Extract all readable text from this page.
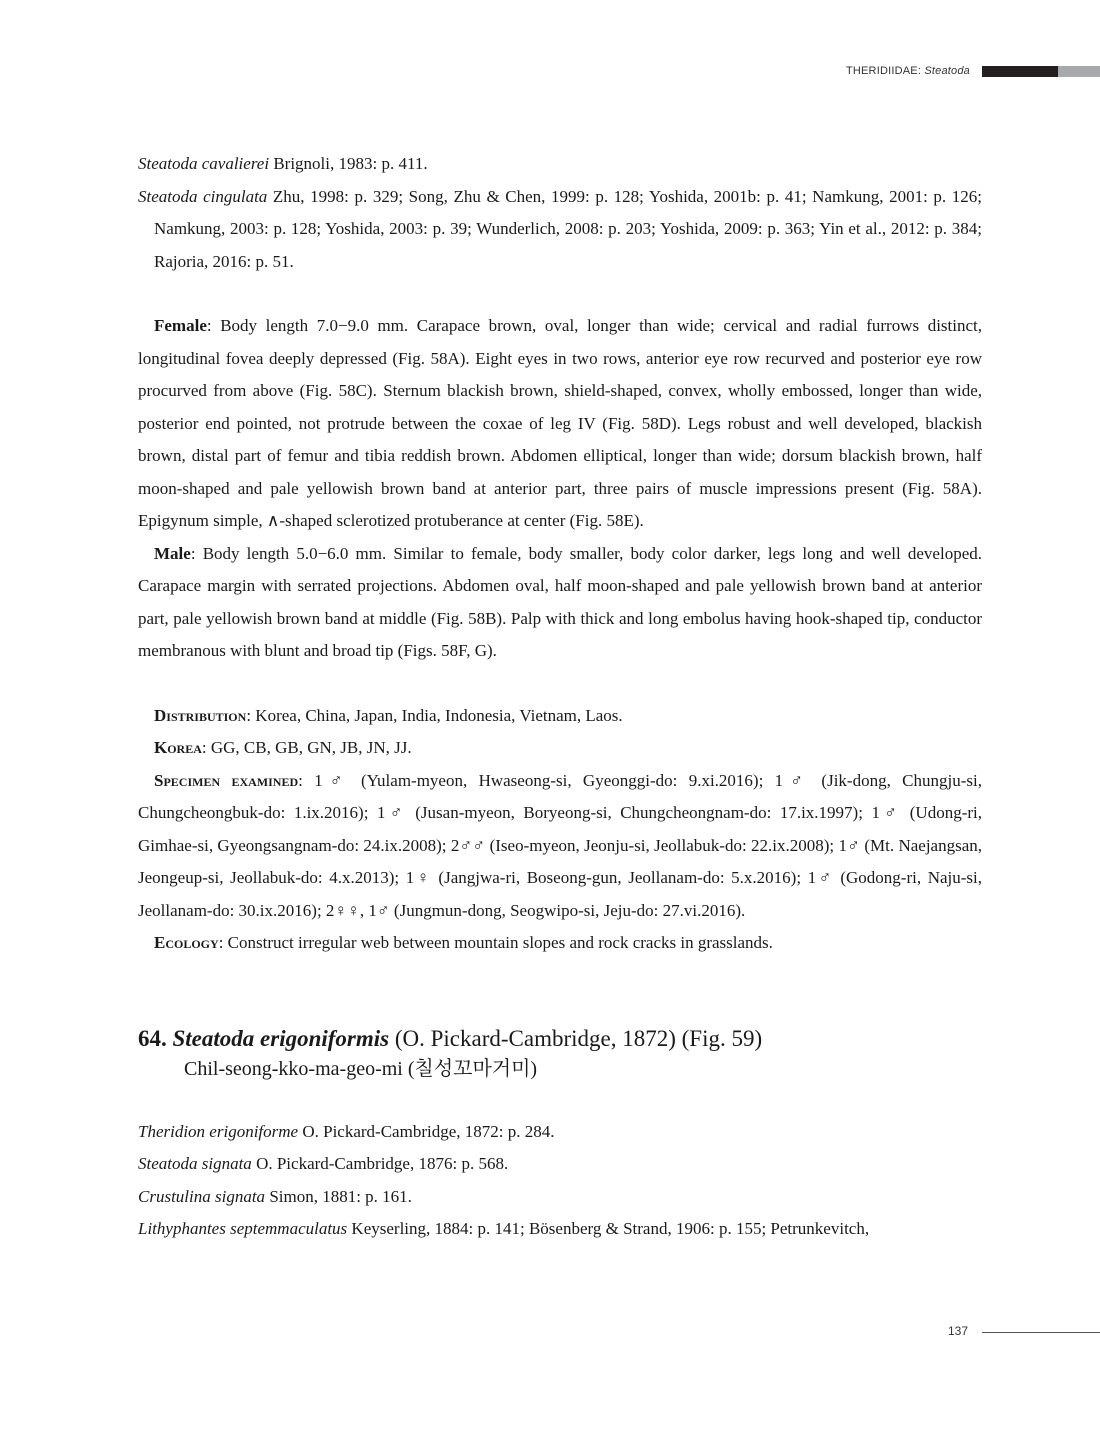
THERIDIIDAE: Steatoda

Steatoda cavalierei Brignoli, 1983: p. 411.

Steatoda cingulata Zhu, 1998: p. 329; Song, Zhu & Chen, 1999: p. 128; Yoshida, 2001b: p. 41; Namkung, 2001: p. 126; Namkung, 2003: p. 128; Yoshida, 2003: p. 39; Wunderlich, 2008: p. 203; Yoshida, 2009: p. 363; Yin et al., 2012: p. 384; Rajoria, 2016: p. 51.

Female: Body length 7.0−9.0 mm. Carapace brown, oval, longer than wide; cervical and radial furrows distinct, longitudinal fovea deeply depressed (Fig. 58A). Eight eyes in two rows, anterior eye row recurved and posterior eye row procurved from above (Fig. 58C). Sternum blackish brown, shield-shaped, convex, wholly embossed, longer than wide, posterior end pointed, not protrude between the coxae of leg IV (Fig. 58D). Legs robust and well developed, blackish brown, distal part of femur and tibia reddish brown. Abdomen elliptical, longer than wide; dorsum blackish brown, half moon-shaped and pale yellowish brown band at anterior part, three pairs of muscle impressions present (Fig. 58A). Epigynum simple, ∧-shaped sclerotized protuberance at center (Fig. 58E).

Male: Body length 5.0−6.0 mm. Similar to female, body smaller, body color darker, legs long and well developed. Carapace margin with serrated projections. Abdomen oval, half moon-shaped and pale yellowish brown band at anterior part, pale yellowish brown band at middle (Fig. 58B). Palp with thick and long embolus having hook-shaped tip, conductor membranous with blunt and broad tip (Figs. 58F, G).

Distribution: Korea, China, Japan, India, Indonesia, Vietnam, Laos.

Korea: GG, CB, GB, GN, JB, JN, JJ.

Specimen examined: 1♂ (Yulam-myeon, Hwaseong-si, Gyeonggi-do: 9.xi.2016); 1♂ (Jik-dong, Chungju-si, Chungcheongbuk-do: 1.ix.2016); 1♂ (Jusan-myeon, Boryeong-si, Chungcheongnam-do: 17.ix.1997); 1♂ (Udong-ri, Gimhae-si, Gyeongsangnam-do: 24.ix.2008); 2♂♂ (Iseo-myeon, Jeonju-si, Jeollabuk-do: 22.ix.2008); 1♂ (Mt. Naejangsan, Jeongeup-si, Jeollabuk-do: 4.x.2013); 1♀ (Jangjwa-ri, Boseong-gun, Jeollanam-do: 5.x.2016); 1♂ (Godong-ri, Naju-si, Jeollanam-do: 30.ix.2016); 2♀♀, 1♂ (Jungmun-dong, Seogwipo-si, Jeju-do: 27.vi.2016).

Ecology: Construct irregular web between mountain slopes and rock cracks in grasslands.

64. Steatoda erigoniformis (O. Pickard-Cambridge, 1872) (Fig. 59)

Chil-seong-kko-ma-geo-mi (칠성꼬마거미)

Theridion erigoniforme O. Pickard-Cambridge, 1872: p. 284.

Steatoda signata O. Pickard-Cambridge, 1876: p. 568.

Crustulina signata Simon, 1881: p. 161.

Lithyphantes septemmaculatus Keyserling, 1884: p. 141; Bösenberg & Strand, 1906: p. 155; Petrunkevitch,

137
